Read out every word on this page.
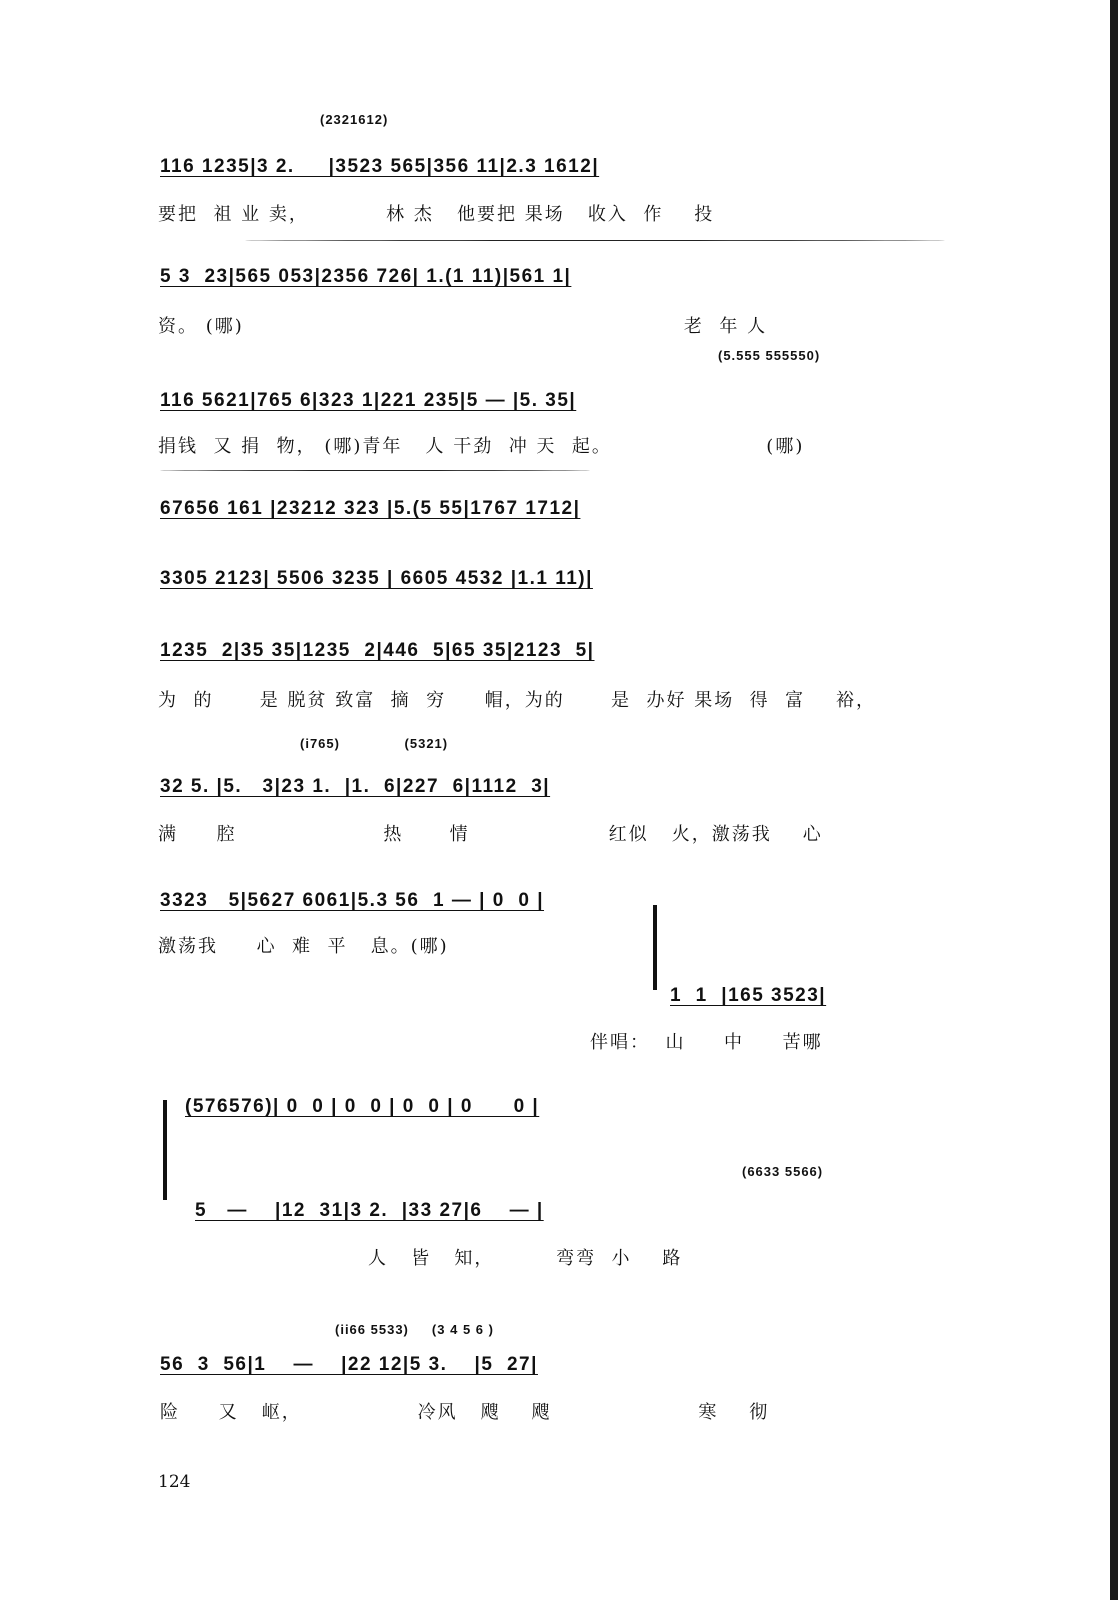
(2321612)
116 1235|3 2.     |3523 565|356 11|2.3 1612|
要把  祖 业 卖，          林 杰   他要把 果场   收入  作    投
5 3  23|565 053|2356 726| 1.(1 11)|561 1|
资。 (哪)                                                         老  年 人
(5.555 555550)
116 5621|765 6|323 1|221 235|5 — |5. 35|
捐钱  又 捐  物， (哪)青年   人 干劲  冲 天  起。                    (哪)
67656 161 |23212 323 |5.(5 55|1767 1712|
3305 2123| 5506 3235 | 6605 4532 |1.1 11)|
1235  2|35 35|1235  2|446  5|65 35|2123  5|
为  的      是 脱贫 致富  摘  穷     帽，为的      是  办好 果场  得  富    裕，
(i765)              (5321)
32 5. |5.   3|23 1.  |1.  6|227  6|1112  3|
满     腔                   热      情                  红似   火，激荡我    心
3323   5|5627 6061|5.3 56  1 — | 0  0 |
激荡我     心  难  平   息。(哪)
1  1  |165 3523|
伴唱：  山     中     苦哪
(576576)| 0  0 | 0  0 | 0  0 | 0      0 |
(6633 5566)
5   —    |12  31|3 2.  |33 27|6    — |
人   皆   知，        弯弯  小    路
(ii66 5533)     (3 4 5 6 )
56  3  56|1    —    |22 12|5 3.    |5  27|
险     又   岖，               冷风   飕    飕                   寒    彻
124
